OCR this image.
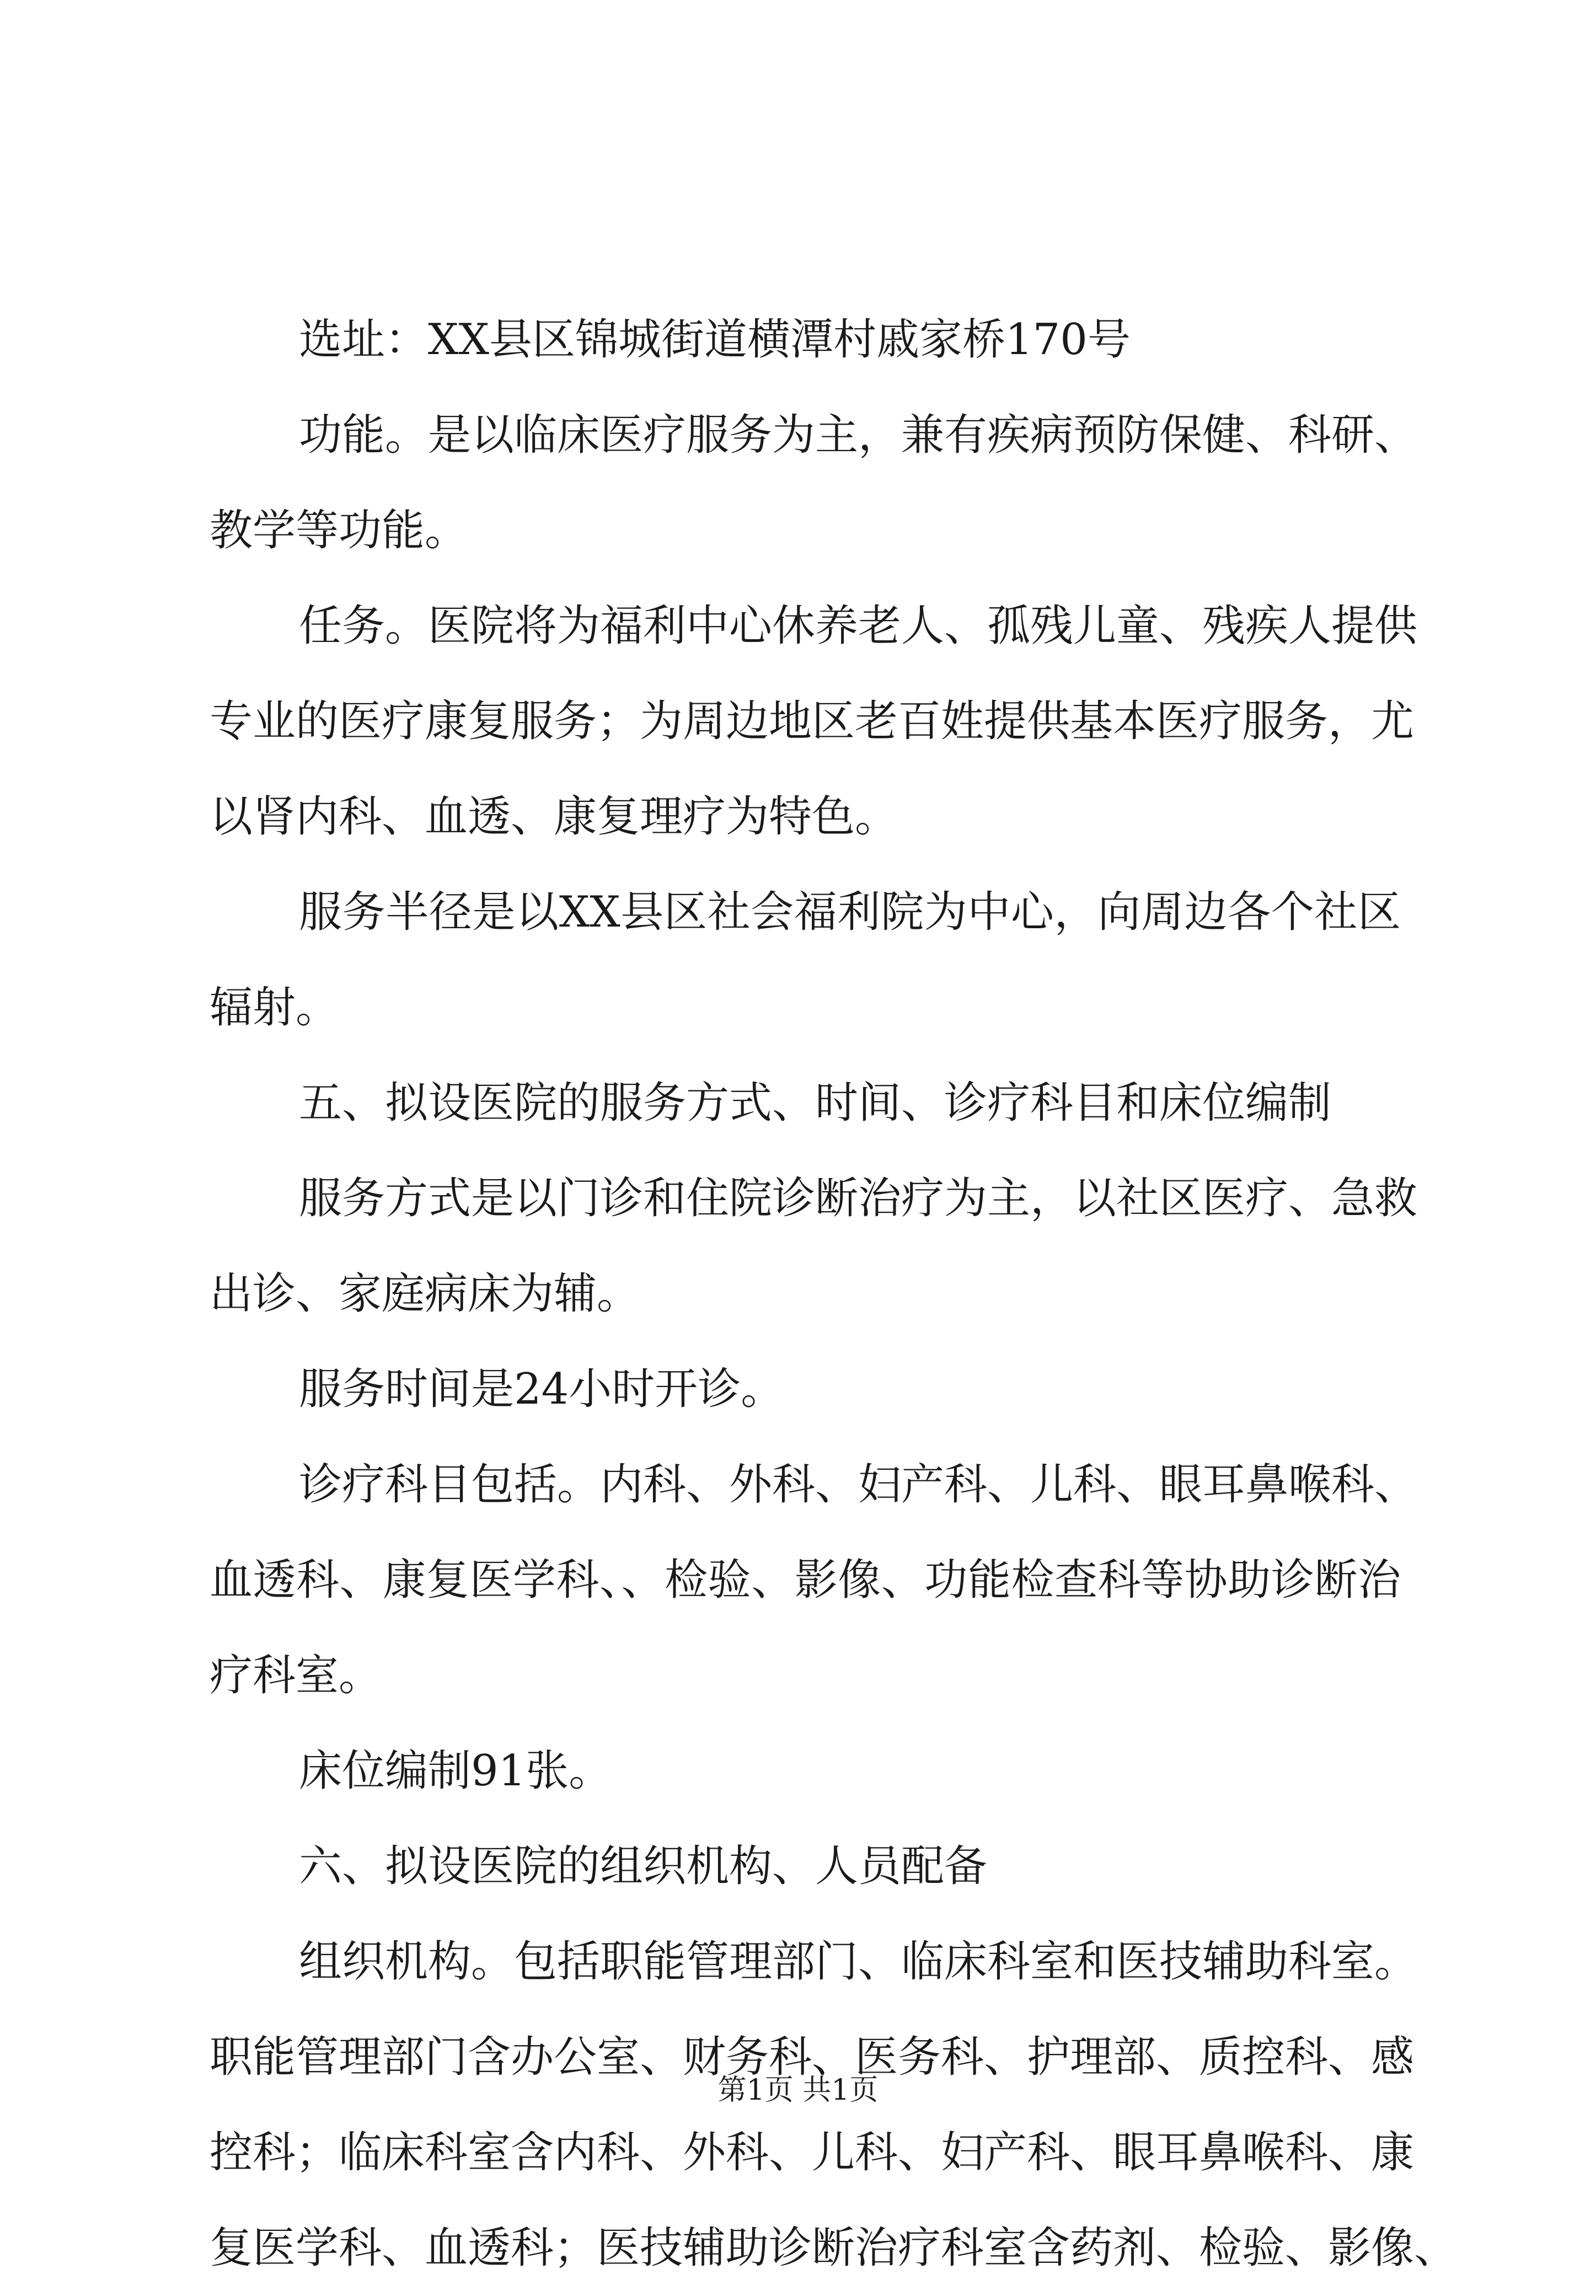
选址：XX县区锦城街道横潭村戚家桥170号
功能。是以临床医疗服务为主，兼有疾病预防保健、科研、
教学等功能。
任务。医院将为福利中心休养老人、孤残儿童、残疾人提供
专业的医疗康复服务；为周边地区老百姓提供基本医疗服务，尤
以肾内科、血透、康复理疗为特色。
服务半径是以XX县区社会福利院为中心，向周边各个社区
辐射。
五、拟设医院的服务方式、时间、诊疗科目和床位编制
服务方式是以门诊和住院诊断治疗为主，以社区医疗、急救
出诊、家庭病床为辅。
服务时间是24小时开诊。
诊疗科目包括。内科、外科、妇产科、儿科、眼耳鼻喉科、
血透科、康复医学科、、检验、影像、功能检查科等协助诊断治
疗科室。
床位编制91张。
六、拟设医院的组织机构、人员配备
组织机构。包括职能管理部门、临床科室和医技辅助科室。
职能管理部门含办公室、财务科、医务科、护理部、质控科、感
控科；临床科室含内科、外科、儿科、妇产科、眼耳鼻喉科、康
复医学科、血透科；医技辅助诊断治疗科室含药剂、检验、影像、
第1页 共1页
